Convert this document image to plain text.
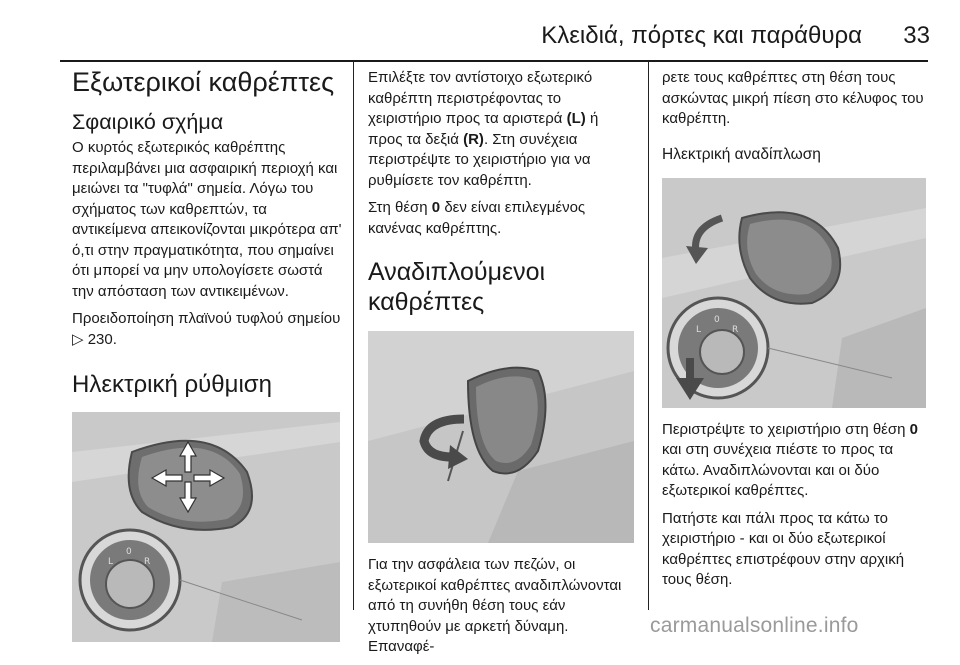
Κλειδιά, πόρτες και παράθυρα 33
Εξωτερικοί καθρέπτες
Σφαιρικό σχήμα

Ο κυρτός εξωτερικός καθρέπτης περιλαμβάνει μια ασφαιρική περιοχή και μειώνει τα "τυφλά" σημεία. Λόγω του σχήματος των καθρεπτών, τα αντικείμενα απεικονίζονται μικρότερα απ' ό,τι στην πραγματικότητα, που σημαίνει ότι μπορεί να μην υπολογίσετε σωστά την απόσταση των αντικειμένων.

Προειδοποίηση πλαϊνού τυφλού σημείου ▷ 230.

Ηλεκτρική ρύθμιση
L
0
R

Επιλέξτε τον αντίστοιχο εξωτερικό καθρέπτη περιστρέφοντας το χειριστήριο προς τα αριστερά (L) ή προς τα δεξιά (R). Στη συνέχεια περιστρέψτε το χειριστήριο για να ρυθμίσετε τον καθρέπτη.

Στη θέση 0 δεν είναι επιλεγμένος κανένας καθρέπτης.

Αναδιπλούμενοι καθρέπτες

Για την ασφάλεια των πεζών, οι εξωτερικοί καθρέπτες αναδιπλώνονται από τη συνήθη θέση τους εάν χτυπηθούν με αρκετή δύναμη. Επαναφέ-

ρετε τους καθρέπτες στη θέση τους ασκώντας μικρή πίεση στο κέλυφος του καθρέπτη.

Ηλεκτρική αναδίπλωση
L
0
R

Περιστρέψτε το χειριστήριο στη θέση 0 και στη συνέχεια πιέστε το προς τα κάτω. Αναδιπλώνονται και οι δύο εξωτερικοί καθρέπτες.

Πατήστε και πάλι προς τα κάτω το χειριστήριο - και οι δύο εξωτερικοί καθρέπτες επιστρέφουν στην αρχική τους θέση.

carmanualsonline.info
